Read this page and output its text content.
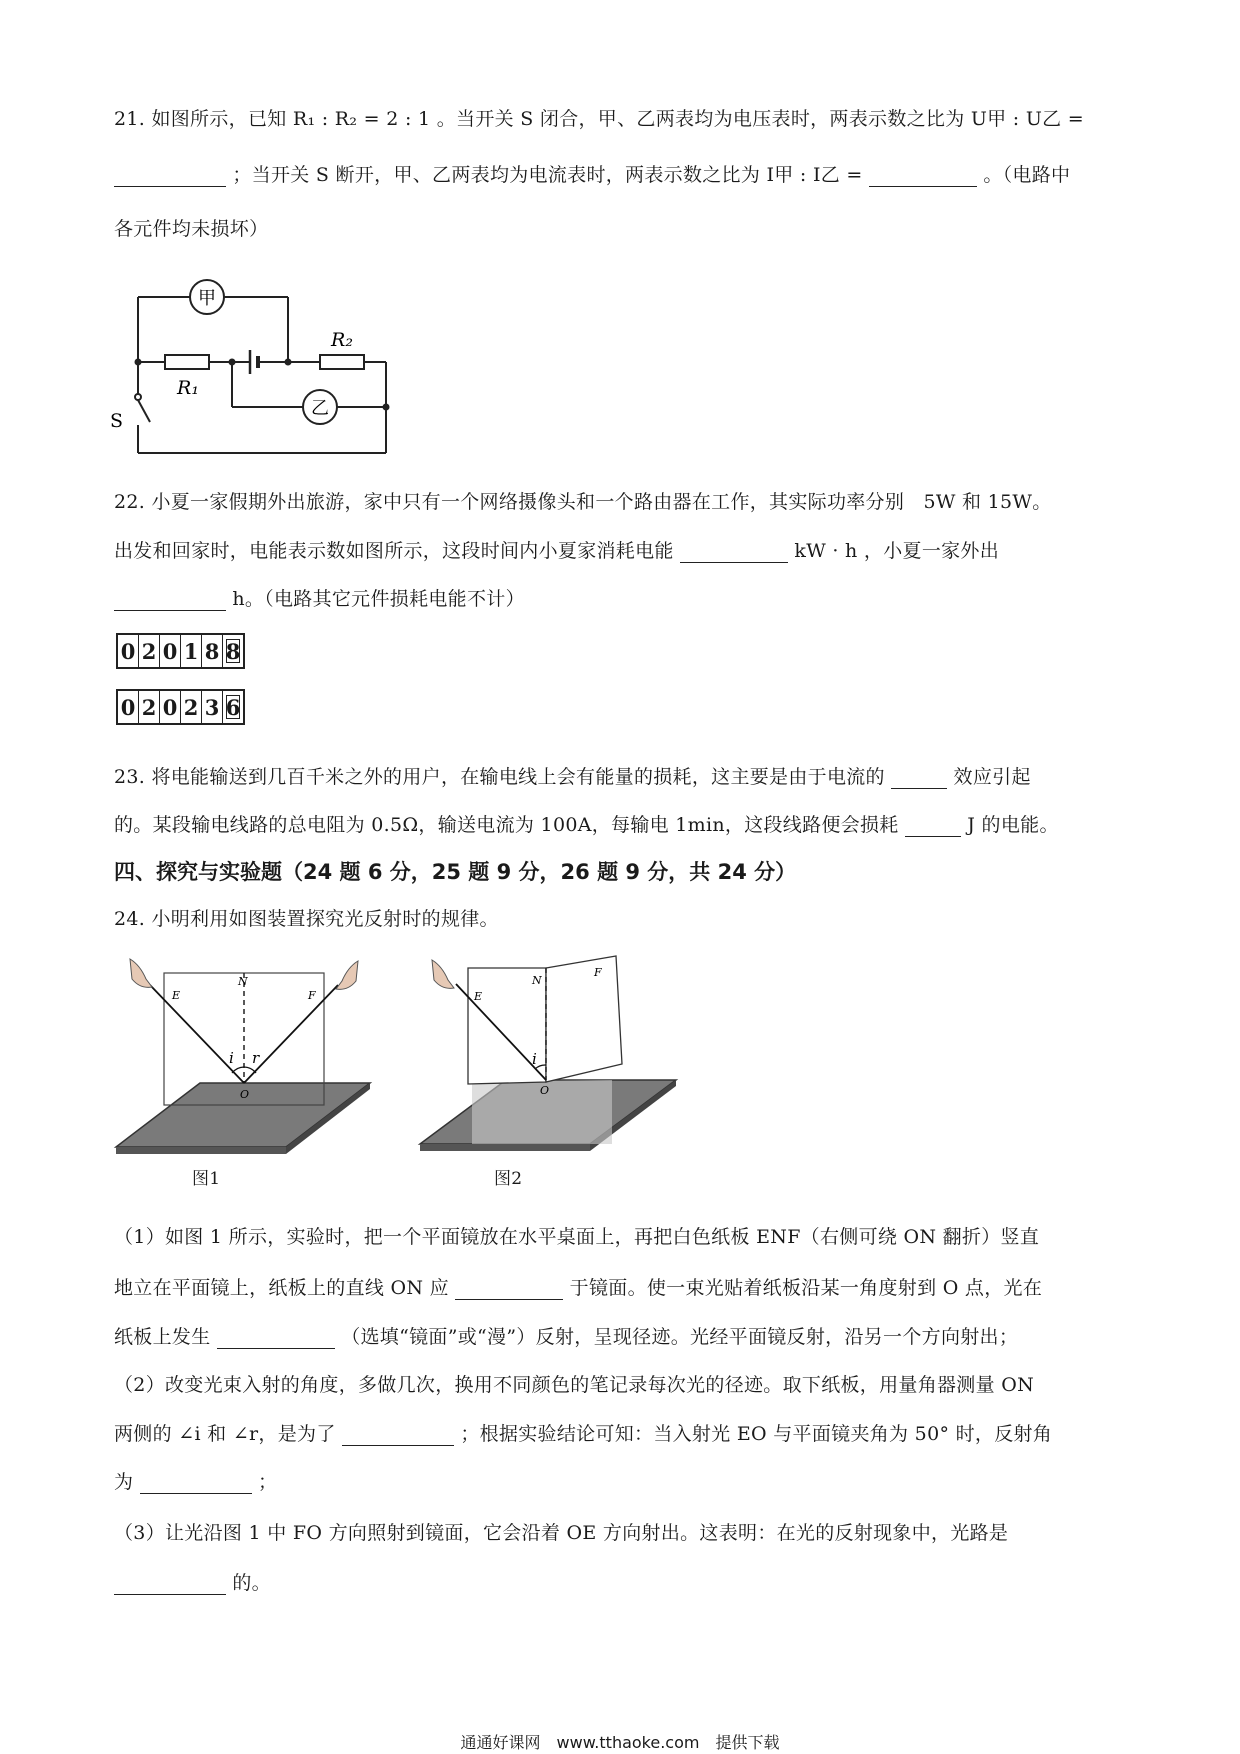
21. 如图所示，已知 R₁ : R₂ = 2 : 1 。当开关 S 闭合，甲、乙两表均为电压表时，两表示数之比为 U甲 : U乙 =
；当开关 S 断开，甲、乙两表均为电流表时，两表示数之比为 I甲 : I乙 =	。（电路中
各元件均未损坏）
甲
乙
R₁
R₂
S
22. 小夏一家假期外出旅游，家中只有一个网络摄像头和一个路由器在工作，其实际功率分别　5W 和 15W。
出发和回家时，电能表示数如图所示，这段时间内小夏家消耗电能	kW · h ，小夏一家外出
h。（电路其它元件损耗电能不计）
0 2 0 1 8 8
0 2 0 2 3 6
23. 将电能输送到几百千米之外的用户，在输电线上会有能量的损耗，这主要是由于电流的	效应引起
的。某段输电线路的总电阻为 0.5Ω，输送电流为 100A，每输电 1min，这段线路便会损耗	J 的电能。
四、探究与实验题（24 题 6 分，25 题 9 分，26 题 9 分，共 24 分）
24. 小明利用如图装置探究光反射时的规律。
E
N
F
i r
O
图1
E
N
F
i
O
图2
（1）如图 1 所示，实验时，把一个平面镜放在水平桌面上，再把白色纸板 ENF（右侧可绕 ON 翻折）竖直
地立在平面镜上，纸板上的直线 ON 应	于镜面。使一束光贴着纸板沿某一角度射到 O 点，光在
纸板上发生	（选填“镜面”或“漫”）反射，呈现径迹。光经平面镜反射，沿另一个方向射出；
（2）改变光束入射的角度，多做几次，换用不同颜色的笔记录每次光的径迹。取下纸板，用量角器测量 ON
两侧的 ∠i 和 ∠r，是为了	；根据实验结论可知：当入射光 EO 与平面镜夹角为 50° 时，反射角
为	；
（3）让光沿图 1 中 FO 方向照射到镜面，它会沿着 OE 方向射出。这表明：在光的反射现象中，光路是
的。
通通好课网　www.tthaoke.com　提供下载
